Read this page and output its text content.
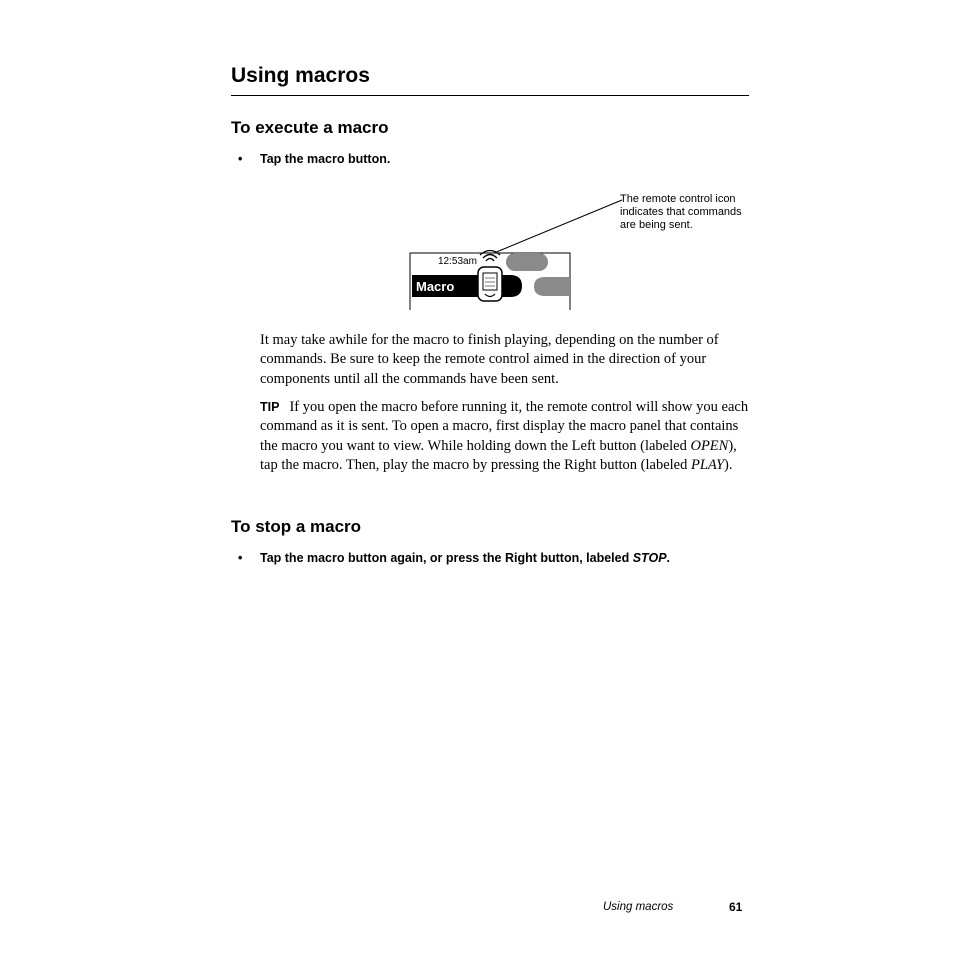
Using macros
To execute a macro
• Tap the macro button.
12:53am
Macro
The remote control icon indicates that commands are being sent.

It may take awhile for the macro to finish playing, depending on the number of commands. Be sure to keep the remote control aimed in the direction of your components until all the commands have been sent.

TIP If you open the macro before running it, the remote control will show you each command as it is sent. To open a macro, first display the macro panel that contains the macro you want to view. While holding down the Left button (labeled OPEN), tap the macro. Then, play the macro by pressing the Right button (labeled PLAY).

To stop a macro
• Tap the macro button again, or press the Right button, labeled STOP.
Using macros	61
